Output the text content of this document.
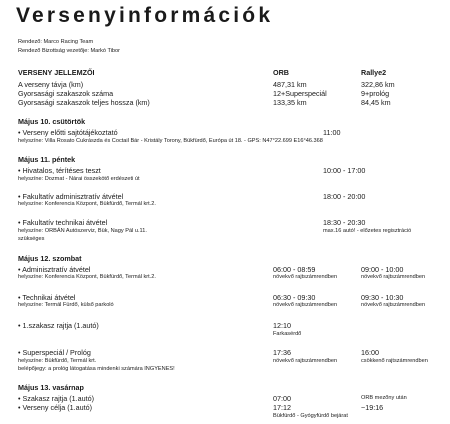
Versenyinformációk
Rendező: Marco Racing Team
Rendező Bizottság vezetője: Markó Tibor
VERSENY JELLEMZŐI	ORB	Rallye2
A verseny távja (km)	487,31 km	322,86 km
Gyorsasági szakaszok száma	12+Superspeciál	9+prológ
Gyorsasági szakaszok teljes hossza (km)	133,35 km	84,45 km
Május 10. csütörtök
• Verseny előtti sajtótájékoztató	11:00
helyszíne: Villa Rosato Cukrászda és Coctail Bár - Kristály Torony, Bükfürdő, Európa út 18. - GPS: N47°22.699 E16°46.368
Május 11. péntek
• Hivatalos, térítéses teszt	10:00 - 17:00
helyszíne: Dozmat - Nárai összekötő erdészeti út
• Fakultatív adminisztratív átvétel	18:00 - 20:00
helyszíne: Konferencia Központ, Bükfürdő, Termál krt.2.
• Fakultatív technikai átvétel	18:30 - 20:30
helyszíne: ORBÁN Autószerviz, Bük, Nagy Pál u.11.	max.16 autó! - előzetes regisztráció
szükséges
Május 12. szombat
• Adminisztratív átvétel	06:00 - 08:59	09:00 - 10:00
helyszíne: Konferencia Központ, Bükfürdő, Termál krt.2.	növekvő rajtszámrendben	növekvő rajtszámrendben
• Technikai átvétel	06:30 - 09:30	09:30 - 10:30
helyszíne: Termál Fürdő, külső parkoló	növekvő rajtszámrendben	növekvő rajtszámrendben
• 1.szakasz rajtja (1.autó)	12:10
Farkasérdő
• Superspeciál / Prológ	17:36	16:00
helyszíne: Bükfürdő, Termál krt.	növekvő rajtszámrendben	csökkenő rajtszámrendben
belépőjegy: a prológ látogatása mindenki számára INGYENES!
Május 13. vasárnap
• Szakasz rajtja (1.autó)	07:00	ORB mezőny után
• Verseny célja (1.autó)	17:12	~19:16
Bükfürdő - Gyógyfürdő bejárat
